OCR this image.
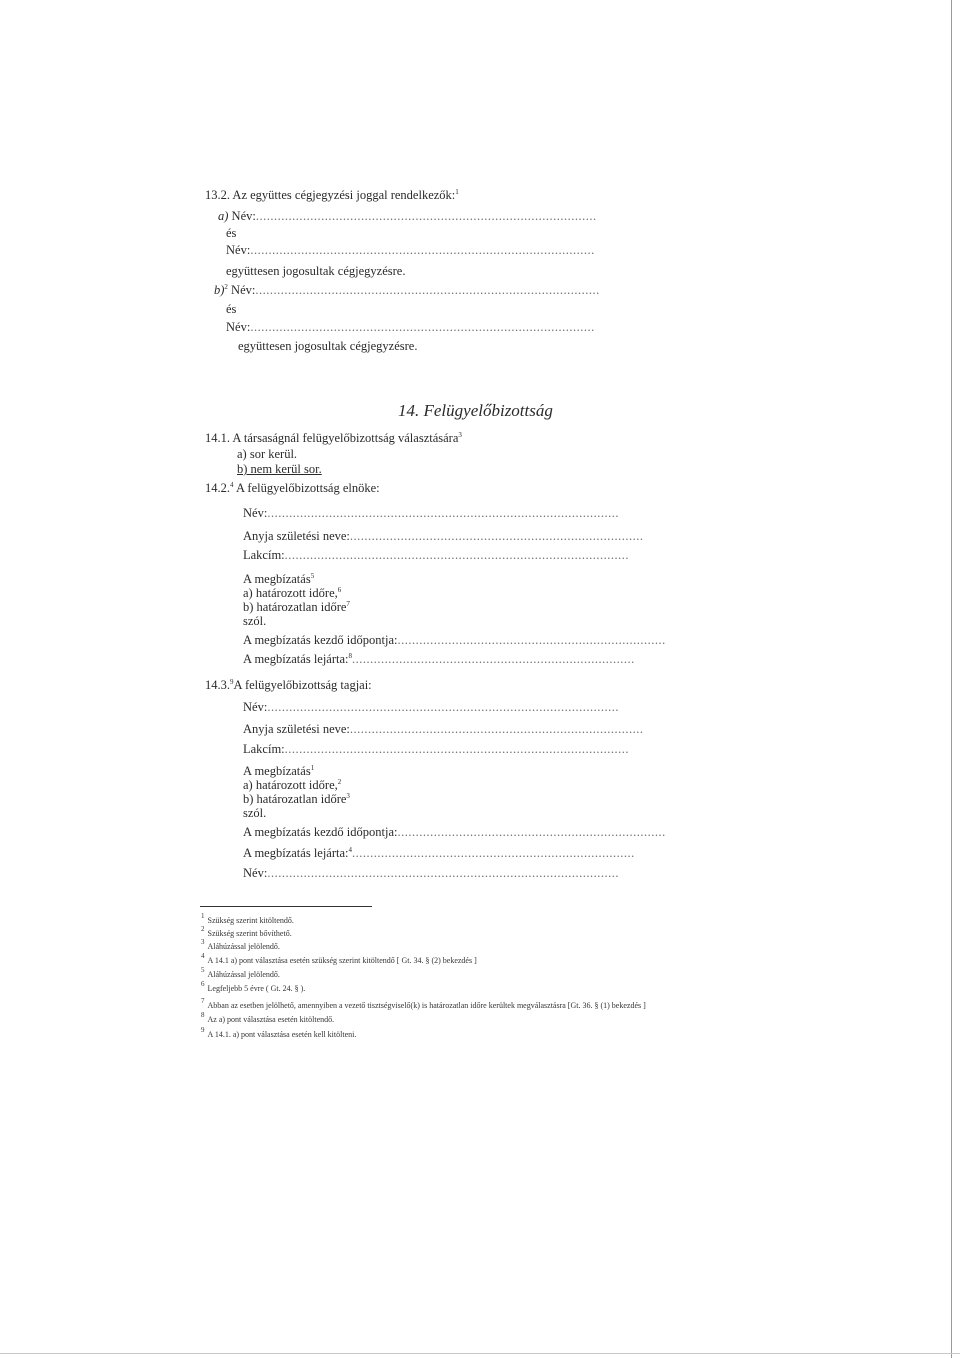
13.2. Az együttes cégjegyzési joggal rendelkezők:$^1$
a) Név:..............................................................................................
és
Név:...............................................................................................
együttesen jogosultak cégjegyzésre.
b)$^2$ Név:...............................................................................................
és
Név:...............................................................................................
együttesen jogosultak cégjegyzésre.
14. Felügyelőbizottság
14.1. A társaságnál felügyelőbizottság választására$^3$
a) sor kerül.
b) nem kerül sor.
14.2.$^4$ A felügyelőbizottság elnöke:
Név:.................................................................................................
Anyja születési neve:.................................................................................
Lakcím:...............................................................................................
A megbízatás$^5$
a) határozott időre,$^6$
b) határozatlan időre$^7$
szól.
A megbízatás kezdő időpontja:..........................................................................
A megbízatás lejárta:$^8$..............................................................................
14.3.$^9$A felügyelőbizottság tagjai:
Név:.................................................................................................
Anyja születési neve:.................................................................................
Lakcím:...............................................................................................
A megbízatás$^1$
a) határozott időre,$^2$
b) határozatlan időre$^3$
szól.
A megbízatás kezdő időpontja:..........................................................................
A megbízatás lejárta:$^4$..............................................................................
Név:.................................................................................................
1 Szükség szerint kitöltendő.
2 Szükség szerint bővíthető.
3 Aláhúzással jelölendő.
4 A 14.1 a) pont választása esetén szükség szerint kitöltendő [ Gt. 34. § (2) bekezdés ]
5 Aláhúzással jelölendő.
6 Legfeljebb 5 évre ( Gt. 24. § ).
7 Abban az esetben jelölhető, amennyiben a vezető tisztségviselő(k) is határozatlan időre kerültek megválasztásra [Gt. 36. § (1) bekezdés ]
8 Az a) pont választása esetén kitöltendő.
9 A 14.1. a) pont választása esetén kell kitölteni.
